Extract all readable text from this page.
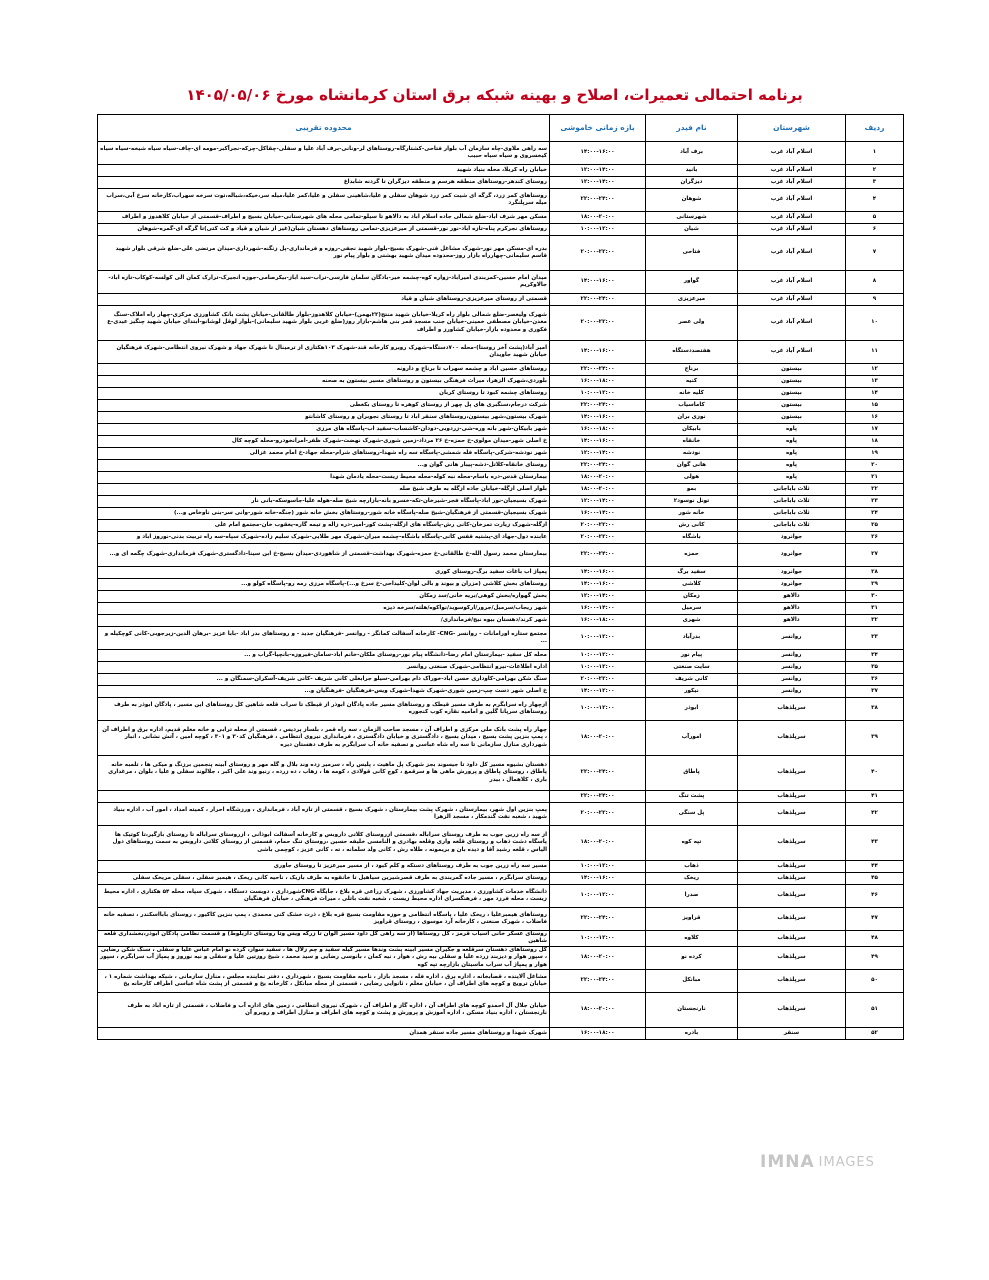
برنامه احتمالی تعمیرات، اصلاح و بهینه شبکه برق استان کرمانشاه مورخ ۱۴۰۵/۰۵/۰۶
ردیف	شهرستان	نام فیدر	بازه زمانی خاموشی	محدوده تقریبی
۱	اسلام آباد غرب	برف آباد	۱۴:۰۰-۱۶:۰۰	سه راهی ملاوی-چاه سازمان آب بلوار فتاحی-کشتارگاه-روستاهای لر-ونانی-برف آباد علیا و سفلی-چقاکل-چرکه-نجرآکبر-مومه ای-چاف-سیاه سیاه شیخه-سیاه سیاه کیخسروی و سیاه سیاه حبیب
۲	اسلام آباد غرب	بانید	۱۲:۰۰-۱۴:۰۰	خیابان راه کربلا، محله بنیاد شهید
۳	اسلام آباد غرب	دیزگران	۱۲:۰۰-۱۴:۰۰	روستای کندهر-روستاهای منطقه هرسم و منطقه دیزگران تا گردنه شابداغ
۴	اسلام آباد غرب	شوهان	۲۲:۰۰-۲۴:۰۰	روستاهای کمر زرد، گرگه ای شیت کمر زرد شوهان سفلی و علیا،شاهینی سفلی و علیا،کمر علیا،میله سر،خیکه،شباله،توت سرخه سهراب،کارخانه سرخ آبی،سراب میله سرپلنگرد
۵	اسلام آباد غرب	شهرستانی	۱۸:۰۰-۲۰:۰۰	مسکن مهر شرف اباد-ضلع شمالی جاده اسلام اباد به دالاهو تا سیلو-تمامی محله های شهرستانی-خیابان بسیج و اطراف-قسمتی از خیابان کلاهدوز و اطراف
۶	اسلام آباد غرب	شیان	۱۰:۰۰-۱۲:۰۰	روستاهای نجرکرم پناه-تازه اباد-نور نور-قسمتی از میرعزیزی-تمامی روستاهای دهستان شیان(غیر از شیان و قیاد و کت کتی)تا گرگه ای-گمره-شوهان
۷	اسلام آباد غرب	فتاحی	۲۰:۰۰-۲۲:۰۰	بدره ای-مسکن مهر نور-شهرک مشاغل قنی-شهرک بسیج-بلوار شهید نجفی-روزه و فرمانداری-پل زنگنه-شهرداری-میدان مرتضی علی-ضلع شرقی بلوار شهید قاسم سلیمانی-چهارراه بازار روز-محدوده میدان شهید بهشتی و بلوار پیام نور
۸	اسلام آباد غرب	گواور	۱۴:۰۰-۱۶:۰۰	میدان امام حسین-کمربندی امیراباد-زواره کوه-چشمه خیر-بادگان سلمان فارسی-تراب-سید اباز-بیکرصامی-جوزه انجیرک-ترارک کمان الی کولسه-کوکاب-تازه اباد-جالاوکریم
۹	اسلام آباد غرب	میرعزیزی	۲۲:۰۰-۲۴:۰۰	قسمتی از روستای میرعزیزی-روستاهای شیان و قیاد
۱۰	اسلام آباد غرب	ولی عصر	۲۰:۰۰-۲۲:۰۰	شهرک ولیعصر-ضلع شمالی بلوار راه کربلا-خیابان شهید منتج(۲۲بهمن)-خیابان کلاهدوز-بلوار طالقانی-خیابان پشت بانک کشاورزی مرکزی-چهار راه املاک-سنگ معدن-خیابان مصطفی خمینی-خیابان جنب مسجد قمر بنی هاشم-بازار روز(ضلع غربی بلوار شهید سلیمانی)-بلوار لوقل لوشانو-ابتدای خیابان شهید چنگیز عیدی-ع فکوری و محدوده بازار-خیابان کشاورز و اطراف
۱۱	اسلام آباد غرب	هفتصددستگاه	۱۴:۰۰-۱۶:۰۰	امیر آباد(پشت آخر روستا)-محله ۷۰۰دستگاه-شهرک روبرو کارخانه قند-شهرک ۱۰۳هکتاری از ترمینال تا شهرک جهاد و شهرک نیروی انتظامی-شهرک فرهنگیان خیابان شهید جاویدان
۱۲	بیستون	برناج	۲۲:۰۰-۲۴:۰۰	روستاهای حسین اباد و چشمه سهراب تا برناج و دارونه
۱۳	بیستون	کنیه	۱۶:۰۰-۱۸:۰۰	بلوردی،شهرک الزهرا، میراث فرهنگی بیستون و روستاهای مسیر بیستون به صحنه
۱۴	بیستون	کلیه خانه	۱۰:۰۰-۱۲:۰۰	روستاهای چشمه کبود تا روستای کربان
۱۵	بیستون	کاماسیاب	۲۲:۰۰-۲۴:۰۰	شرکت درجام،سنگبری های پل چهر از روستای کوهره تا روستای بکعطی
۱۶	بیستون	نوزی بران	۱۴:۰۰-۱۶:۰۰	شهرک بیستون،شهر بیستون،روستاهای سنقر اباد تا روستای نجوبران و روستای کاشانتو
۱۷	پاوه	بابیکان	۱۶:۰۰-۱۸:۰۰	شهر بابیکان-شهر بانه وره-شی-زردوبی-دودان-کاشساب-سفید اب-پاسگاه های مرزی
۱۸	پاوه	خانقاه	۱۴:۰۰-۱۶:۰۰	خ اصلی شهر-میدان مولوی-خ حمزه-خ ۲۶ مرداد-زمین شوری-شهرک نهضت-شهرک ظفر-امرانخودرو-محله کوچه کال
۱۹	پاوه	نودشه	۱۲:۰۰-۱۴:۰۰	شهر نودشه-شرکی-پاسگاه فله شمشی-پاسگاه سه راه شهدا-روستاهای شرام-محله جهاد-خ امام محمد غزالی
۲۰	پاوه	هانی گوان	۲۲:۰۰-۲۴:۰۰	روستای خانقاه-کلاتل-دشه-پیبار هانی گوان و...
۲۱	پاوه	هولی	۱۸:۰۰-۲۰:۰۰	بیمارستان قدس-دره باسام-محله نبه کوله-محله محیط زیست-محله یادمان شهدا
۲۲	ثلاث باباجانی	بمو	۱۸:۰۰-۲۰:۰۰	بلوار اصلی ازگله-خیابان جاده ازگله به طرف شیخ صله
۲۳	ثلاث باباجانی	تونل نوسود۲	۱۲:۰۰-۱۴:۰۰	شهرک بسیجیان-نور اباد-پاسگاه فجر-شیرخان-تکه-خسرو بانه-بازارچه شیخ صله-هوله علیا-جاسوسکه-بانی نار
۲۴	ثلاث باباجانی	خانه شور	۱۶:۰۰-۱۴:۰۰	شهرک بسیجیان-قسمتی از فرهنگیان-شیخ صله-پاسگاه خانه شور-روستاهای بخش خانه شور (جنگه-خانه شور-وانی سر-بنی ناوخاص و...)
۲۵	ثلاث باباجانی	کانی رش	۲۰:۰۰-۲۲:۰۰	ازگله-شهرک زیارت تمرخان-کانی رش-پاسگاه های ازگله-پشت کور-امیر-دره زاله و تیمه گاره-یعقوب خان-مجتمع امام علی
۲۶	جوانرود	باشگاه	۲۰:۰۰-۲۲:۰۰	عابنده دول-جهاد ای-پشتیه قفس کانی-پاسگاه باشگاه-چشمه میران-شهرک مهر طلایی-شهرک سلیم زاده-شهرک سپاه-سه راه تربیت بدنی-نوروز اباد و
۲۷	جوانرود	حمزه	۲۲:۰۰-۲۴:۰۰	بیمارستان محمد رسول الله-خ طالقانی-خ حمزه-شهرک بهداشت-قسمتی از شاهوردی-میدان بسیج-خ ابن سینا-دادگستری-شهرک فرمانداری-شهرک چگمه ای و...
۲۸	جوانرود	سفید برگ	۱۴:۰۰-۱۶:۰۰	پمپاژ اب باغات سفید برگ-روستای کوری
۲۹	جوانرود	کلاشی	۱۴:۰۰-۱۶:۰۰	روستاهای بخش کلاشی (مزران و بیوند و بالی لوان-کلیداحی-خ سرخ و...)-پاسگاه مرزی رمه رو-پاسگاه کولو و...
۳۰	دالاهو	زمکان	۱۲:۰۰-۱۴:۰۰	بخش گهواره/بخش کوهی/بریه خانی/سد زمکان
۳۱	دالاهو	سرمیل	۱۶:۰۰-۱۴:۰۰	شهر ریجاب/سرمیل/جرور/ارکوسوید/نواکوه/هلته/سرخه دیزه
۳۲	دالاهو	شهری	۱۶:۰۰-۱۸:۰۰	شهر کرند/دهستان بیوه نیج/فرمانداری/
۳۳	روانسر	بدرآباد	۱۰:۰۰-۱۲:۰۰	مجتمع ستاره اورامانات - روانسر -CNG- کارخانه آسفالت کمانگر - روانسر -فرهنگیان جدید - و روستاهای بدر اباد -بابا عزیز -برهان الدین-زیرجوبی-کانی کوچکیله و ...
۳۴	روانسر	پیام نور	۱۰:۰۰-۱۲:۰۰	محله کل سفید -بیمارستان امام رضا-دانشگاه پیام نور-روستای ملکان-خانم اباد-سامان-فیروزه-بانچیا-گراب و ...
۳۵	روانسر	سایت صنعتی	۱۰:۰۰-۱۲:۰۰	اداره اطلاعات-نیرو انتظامی-شهرک صنعتی روانسر
۳۶	روانسر	کانی شریف	۲۰:۰۰-۲۲:۰۰	سنگ شکن بهرامی-کاوداری حسن اباد-خوراک دام بهرامی-سیلو جرابعلی کانی شریف -کانی شریف-آسکران-سمنگان و ...
۳۷	روانسر	نیکور	۱۴:۰۰-۱۲:۰۰	خ اصلی شهر دست چپ-زمین شوری-شهرک شهدا-شهرک ویس-فرهنگیان -فرهنگیان و...
۳۸	سرپلذهاب	ابوذر	۱۰:۰۰-۱۲:۰۰	ازچهار راه سرابگرم به طرف مسیر قیطک و روستاهای مسیر جاده پادگان ابوذر از قیطک تا سراب قلعه شاهین کل روستاهای این مسیر ، پادگان ابوذر به طرف روستاهای سرپانا گلین و امامیه نقاره کوب کنجوره
۳۹	سرپلذهاب	امورآب	۱۸:۰۰-۲۰:۰۰	چهار راه پشت بانک ملی مرکزی و اطراف آن ، مسجد صاحب الزمان ، سه راه قمر ، بلساز پردیس ، قسمتی از محله ترابی و خانه معلم قدیم، اداره برق و اطراف آن ، پمپ بنزین پشت بسیج ، میدان بسیج ، دادگستری و خیابان دادگستری ، فرمانداری نیروی انتظامی ، فرهنگیان کد۳۰ و ۳۰۱ ، کوچه امین ، آتش نشانی ، انبار شهرداری منازل سازمانی تا سه راه شاه عباسی و تصفیه خانه آب سرابگرم به طرف دهستان دیره
۴۰	سرپلذهاب	پاطاق	۲۲:۰۰-۲۴:۰۰	دهستان بشیوه مسیر کل داود تا جیسوند بجز شهرک پل ماهیت ، پلیس راه ، سرمیر زده وند بلال و گله مهر و روستای آبینه پنجمین برزنگ و میکی ها ، تلمبه خانه پاطاق ، روستای پاطاق و پرورش ماهی ها و سرقمع ، کوچ کانی قولادی ، کومه ها ، زهاب ، ده زرده ، رنیو وند علی اکبر ، جلالوند سفلی و علیا ، بلوان ، مرغداری باری ، کلاهمال ، بیدر
۴۱	سرپلذهاب	پشت تنگ	۲۲:۰۰-۲۴:۰۰	
۴۲	سرپلذهاب	پل سنگی	۲۰:۰۰-۲۲:۰۰	پمپ بنزین اول شهر، بیمارستان ، شهرک پشت بیمارستان ، شهرک بسیج ، قسمتی از تازه آباد ، فرمانداری ، ورزشگاه احرار ، کمیته امداد ، امور آب ، اداره بنیاد شهید ، شعبه نفت گندمکار ، مسجد الزهرا
۴۳	سرپلذهاب	تپه کوه	۱۸:۰۰-۲۰:۰۰	از سه راه زرین جوب به طرف روستای سراباله ،قسمتی ازروستای کلاتی داروبس و کارخانه آسفالت ابوذانی ، ازروستای سراباله تا روستای بازگیر،تا کوتیک ها پاسگاه دشت ذهاب و روستای قلعه واری وقلعه بهادری و النامسی خلیفه حسین ،روستای تنگ حمام، قسمتی از روستای کلاتی داروبس به سمت روستاهای دول الیاس ، قلعه رشید آقا و دیده بان و بریمونه ، طلاه رش ، کانی ولد سلمانه ، ته ، کانی عزیز ، کوچمی باشی
۴۴	سرپلذهاب	ذهاب	۱۰:۰۰-۱۲:۰۰	مسیر سه راه زرین جوب به طرف روستاهای دستکه و کلم کبود ، از مسیر میرعزیز تا روستای جاوری
۴۵	سرپلذهاب	ریخک	۱۴:۰۰-۱۶:۰۰	روستای سرابگرم ، مسیر جاده گمربندی به طرف قصرشیرین سیاهیل تا خانقوه به طرف بازیک ، ناحیه کانی ریخک ، هیمبر سفلی ، سفلی مریخک سفلی
۴۶	سرپلذهاب	صدرا	۱۰:۰۰-۱۲:۰۰	دانشگاه خدمات کشاورزی ، مدیریت جهاد کشاورزی ، شهرک زراعی قره بلاغ ، جایگاه CNGشهرداری ، دوبست دستگاه ، شهرک سپاه، محله ۵۴ هکتاری ، اداره محیط زیست ، محله فرزد مهر ، فرهنگسرای اداره محیط زیست ، شعبه نفت باتلی ، میراث فرهنگی ، خیابان فرهنگیان
۴۷	سرپلذهاب	قراویز	۲۲:۰۰-۲۴:۰۰	روستاهای هیمبرعلیا ، ریخک علیا ، پاسگاه انتظامی و حوزه مقاومت بسیج قره بلاغ ، ذرت خشک کنی محمدی ، پمپ بنزین کاکیور ، روستای بابااسکندر ، تصفیه خانه فاضلاب ، شهرک صنعتی ، کارخانه آرد موسوی ، روستای قراویز
۴۸	سرپلذهاب	کلاوه	۱۰:۰۰-۱۲:۰۰	روستای عسکر خانی آسیاب قرمز ، کل روستاها (از سه راهی کل داود مسیر الوان تا زرکه ویس وتا روستای داربلوط) و قسمت نظامی پادگان ابوذر،بخشداری قلعه شاهین
۴۹	سرپلذهاب	کرده نو	۱۸:۰۰-۲۰:۰۰	کل روستاهای دهستان سرقلعه و جگیران مسیر آبینه پشت وندها مسیر کیله سفید و چم زلال ها ، سفید سوار، گرده نو آمام عباس علیا و سفلی ، سنگ شکن رضایی ، سپور هوار و دیزبند زرده علیا و سفلی بیه رش ، هوار ، نیه کمان ، بانوسی رضایی و سید محمد ، شیخ روزتین علیا و سفلی و نیه نوروز و پمپاژ آب سرابگرم ، سپور هوار و پمپاژ آب سراب ماسیتان بازارچه تپه کوه
۵۰	سرپلذهاب	مبانکل	۲۲:۰۰-۲۴:۰۰	مشاغل آلاینده ، قصابخانه ، اداره برق ، اداره فله ، مسجد بازار ، ناحیه مقاومت بسیج ، شهرداری ، دفتر نماینده مجلس ، منازل سازمانی ، شبکه بهداشت شماره ۱ ، خیابان ترویج و کوچه های اطراف آن ، خیابان معلم ، ثانوایی رضایی ، قسمتی از محله مبانکل ، کارخانه یخ و قسمتی از پشت شاه عباسی اطراف کارخانه یخ
۵۱	سرپلذهاب	نارنجستان	۱۸:۰۰-۲۰:۰۰	خیابان جلال آل احمدو کوچه های اطراف آن ، اداره گاز و اطراف آن ، شهرک نیروی انتظامی ، زمین های اداره آب و فاضلاب ، قسمتی از تازه اباد به طرف نارنجستان ، اداره بنیاد مسکن ، اداره آموزش و پرورش و پشت و کوچه های اطراف و منازل اطراف و روبرو آن
۵۲	سنقر	بادره	۱۶:۰۰-۱۸:۰۰	شهرک شهدا و روستاهای مسیر جاده سنقر همدان
IMNA IMAGES
